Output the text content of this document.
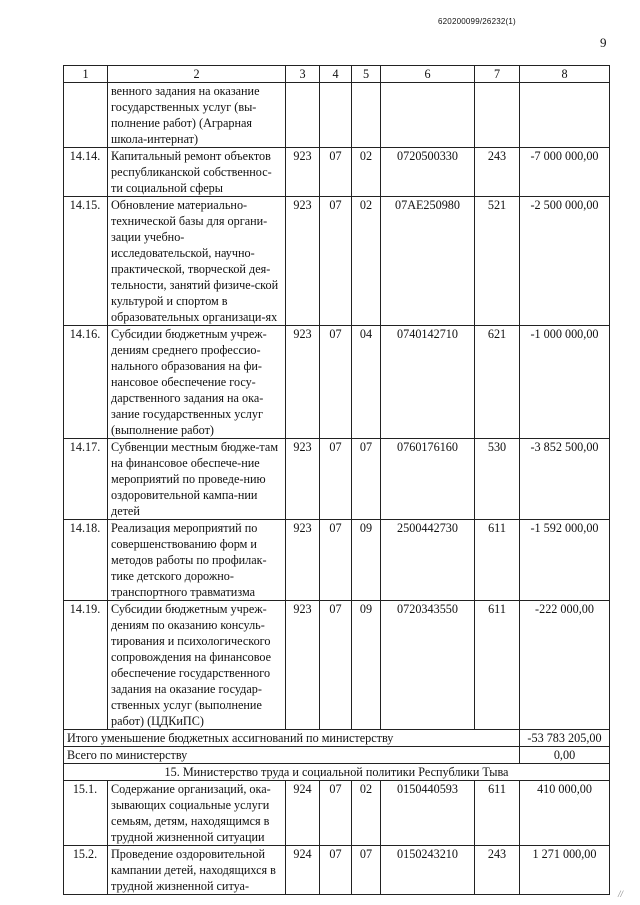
620200099/26232(1)
9
1	2	3	4	5	6	7	8
	венного задания на оказание государственных услуг (вы-полнение работ) (Аграрная школа-интернат)						
14.14.	Капитальный ремонт объектов республиканской собственнос-ти социальной сферы	923	07	02	0720500330	243	-7 000 000,00
14.15.	Обновление материально-технической базы для органи-зации учебно-исследовательской, научно-практической, творческой дея-тельности, занятий физиче-ской культурой и спортом в образовательных организаци-ях	923	07	02	07АЕ250980	521	-2 500 000,00
14.16.	Субсидии бюджетным учреж-дениям среднего профессио-нального образования на фи-нансовое обеспечение госу-дарственного задания на ока-зание государственных услуг (выполнение работ)	923	07	04	0740142710	621	-1 000 000,00
14.17.	Субвенции местным бюдже-там на финансовое обеспече-ние мероприятий по проведе-нию оздоровительной кампа-нии детей	923	07	07	0760176160	530	-3 852 500,00
14.18.	Реализация мероприятий по совершенствованию форм и методов работы по профилак-тике детского дорожно-транспортного травматизма	923	07	09	2500442730	611	-1 592 000,00
14.19.	Субсидии бюджетным учреж-дениям по оказанию консуль-тирования и психологического сопровождения на финансовое обеспечение государственного задания на оказание государ-ственных услуг (выполнение работ) (ЦДКиПС)	923	07	09	0720343550	611	-222 000,00
Итого уменьшение бюджетных ассигнований по министерству							-53 783 205,00
Всего по министерству							0,00
15. Министерство труда и социальной политики Республики Тыва							
15.1.	Содержание организаций, ока-зывающих социальные услуги семьям, детям, находящимся в трудной жизненной ситуации	924	07	02	0150440593	611	410 000,00
15.2.	Проведение оздоровительной кампании детей, находящихся в трудной жизненной ситуа-	924	07	07	0150243210	243	1 271 000,00
//
